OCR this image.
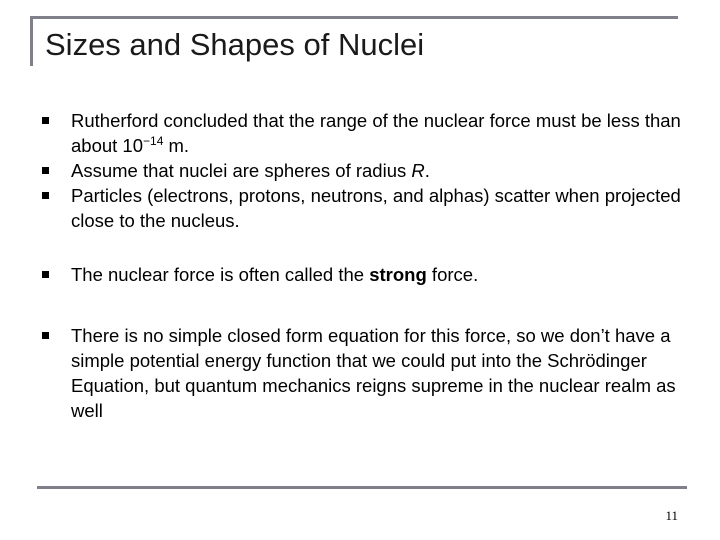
Sizes and Shapes of Nuclei
Rutherford concluded that the range of the nuclear force must be less than about $10^{-14}$ m.
Assume that nuclei are spheres of radius R.
Particles (electrons, protons, neutrons, and alphas) scatter when projected close to the nucleus.
The nuclear force is often called the strong force.
There is no simple closed form equation for this force, so we don’t have a simple potential energy function that we could put into the Schrödinger Equation, but quantum mechanics reigns supreme in the nuclear realm as well
11
